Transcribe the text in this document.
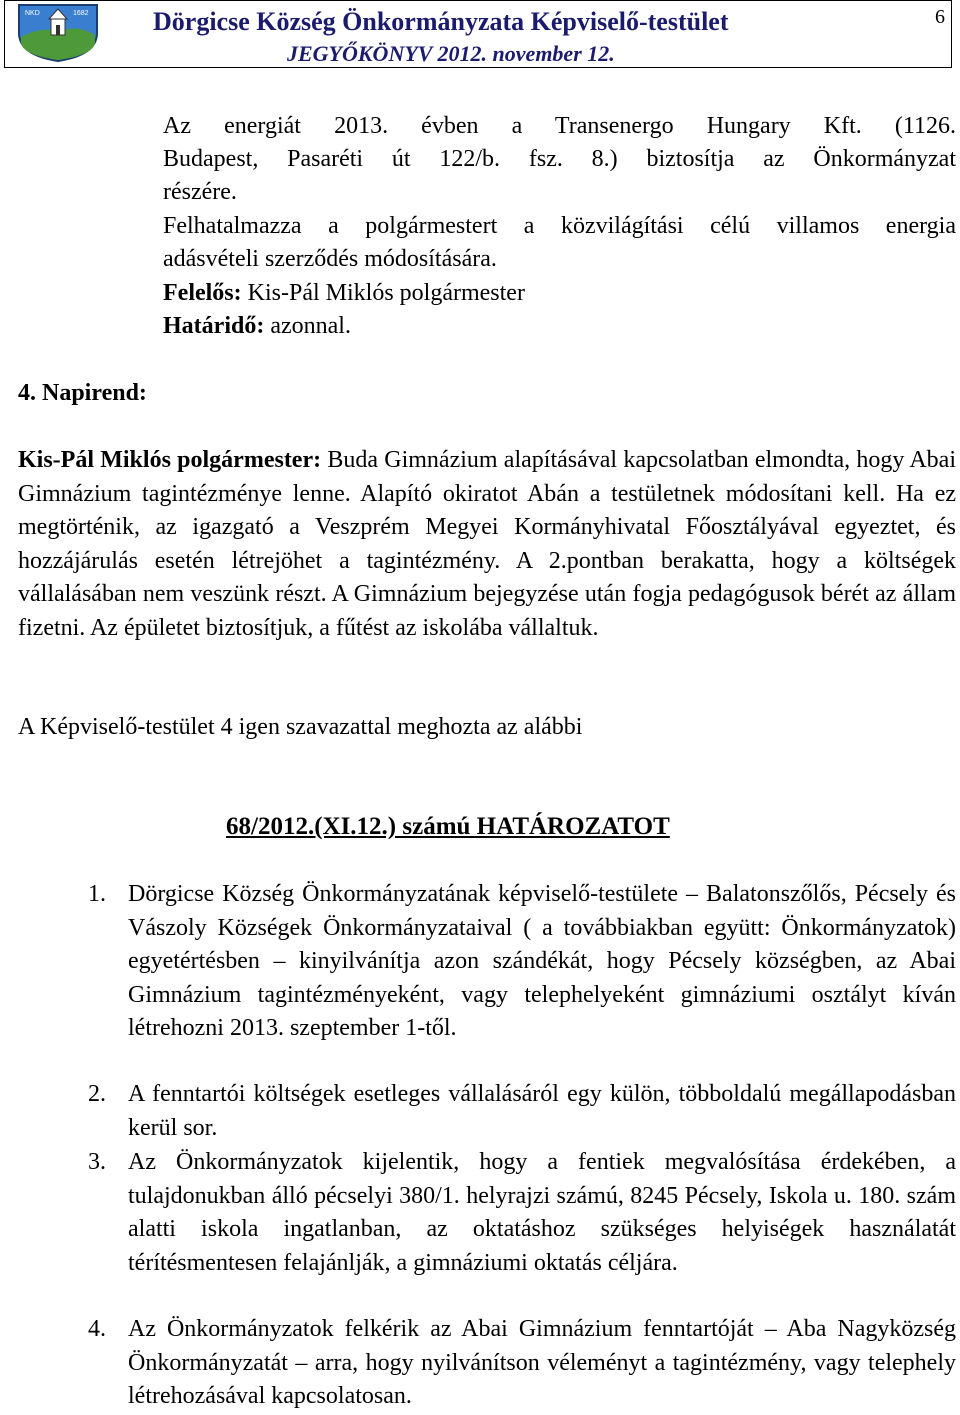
NKD	1682 Dörgicse Község Önkormányzata Képviselő-testület
JEGYŐKÖNYV 2012. november 12.
6
Az energiát 2013. évben a Transenergo Hungary Kft. (1126.
Budapest, Pasaréti út 122/b. fsz. 8.) biztosítja az Önkormányzat
részére.
Felhatalmazza a polgármestert a közvilágítási célú villamos energia
adásvételi szerződés módosítására.
Felelős: Kis-Pál Miklós polgármester
Határidő: azonnal.
4. Napirend:
Kis-Pál Miklós polgármester: Buda Gimnázium alapításával kapcsolatban elmondta, hogy Abai Gimnázium tagintézménye lenne. Alapító okiratot Abán a testületnek módosítani kell. Ha ez megtörténik, az igazgató a Veszprém Megyei Kormányhivatal Főosztályával egyeztet, és hozzájárulás esetén létrejöhet a tagintézmény. A 2.pontban berakatta, hogy a költségek vállalásában nem veszünk részt. A Gimnázium bejegyzése után fogja pedagógusok bérét az állam fizetni. Az épületet biztosítjuk, a fűtést az iskolába vállaltuk.
A Képviselő-testület 4 igen szavazattal meghozta az alábbi
68/2012.(XI.12.) számú HATÁROZATOT
1. Dörgicse Község Önkormányzatának képviselő-testülete – Balatonszőlős, Pécsely és Vászoly Községek Önkormányzataival ( a továbbiakban együtt: Önkormányzatok) egyetértésben – kinyilvánítja azon szándékát, hogy Pécsely községben, az Abai Gimnázium tagintézményeként, vagy telephelyeként gimnáziumi osztályt kíván létrehozni 2013. szeptember 1-től.
2. A fenntartói költségek esetleges vállalásáról egy külön, többoldalú megállapodásban kerül sor.
3. Az Önkormányzatok kijelentik, hogy a fentiek megvalósítása érdekében, a tulajdonukban álló pécselyi 380/1. helyrajzi számú, 8245 Pécsely, Iskola u. 180. szám alatti iskola ingatlanban, az oktatáshoz szükséges helyiségek használatát térítésmentesen felajánlják, a gimnáziumi oktatás céljára.
4. Az Önkormányzatok felkérik az Abai Gimnázium fenntartóját – Aba Nagyközség Önkormányzatát – arra, hogy nyilvánítson véleményt a tagintézmény, vagy telephely létrehozásával kapcsolatosan.
